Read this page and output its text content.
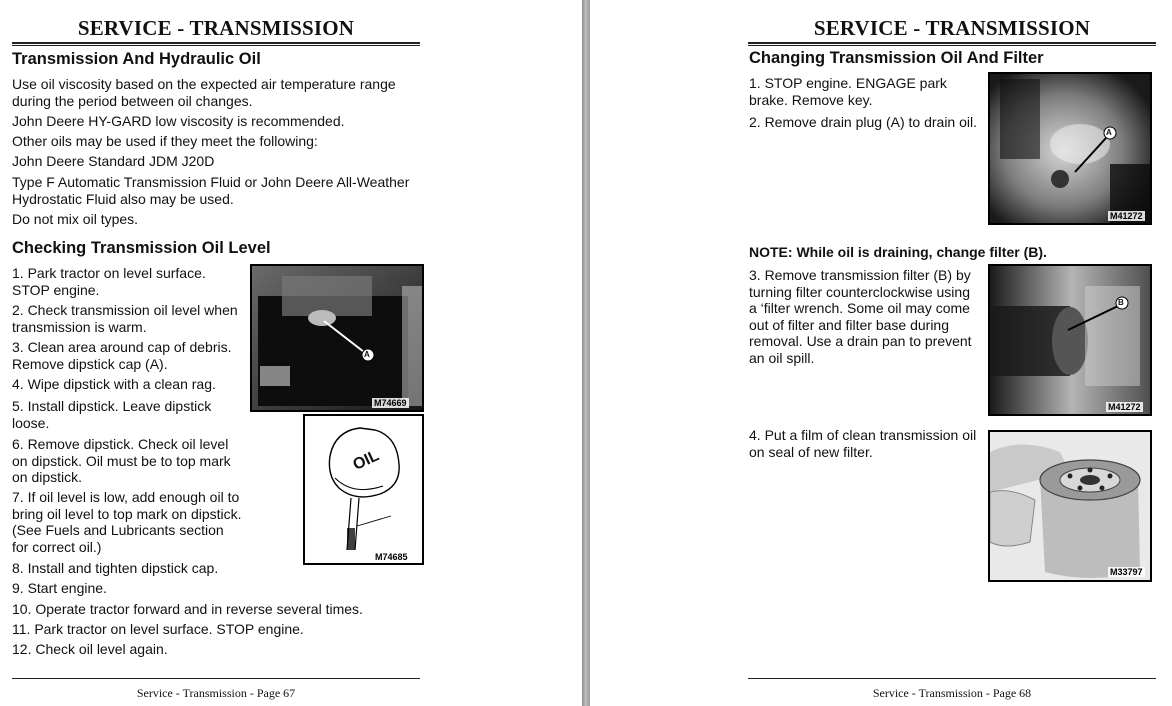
SERVICE - TRANSMISSION
Transmission And Hydraulic Oil
Use oil viscosity based on the expected air temperature range
during the period between oil changes.
John Deere HY-GARD low viscosity is recommended.
Other oils may be used if they meet the following:
John Deere Standard JDM J20D
Type F Automatic Transmission Fluid or John Deere All-Weather
Hydrostatic Fluid also may be used.
Do not mix oil types.
Checking Transmission Oil Level
1. Park tractor on level surface.
STOP engine.
2. Check transmission oil level when
transmission is warm.
3. Clean area around cap of debris.
Remove dipstick cap (A).
4. Wipe dipstick with a clean rag.
5. Install dipstick. Leave dipstick
loose.
6. Remove dipstick. Check oil level
on dipstick. Oil must be to top mark
on dipstick.
7. If oil level is low, add enough oil to
bring oil level to top mark on dipstick.
(See Fuels and Lubricants section
for correct oil.)
8. Install and tighten dipstick cap.
9. Start engine.
10. Operate tractor forward and in reverse several times.
11. Park tractor on level surface. STOP engine.
12. Check oil level again.
A
M74669
OIL
M74685
Service - Transmission - Page 67
SERVICE - TRANSMISSION
Changing Transmission Oil And Filter
1. STOP engine. ENGAGE park
brake. Remove key.
2. Remove drain plug (A) to drain oil.
NOTE: While oil is draining, change filter (B).
3. Remove transmission filter (B) by
turning filter counterclockwise using
a ‘filter wrench. Some oil may come
out of filter and filter base during
removal. Use a drain pan to prevent
an oil spill.
4. Put a film of clean transmission oil
on seal of new filter.
A
M41272
B
M41272
M33797
Service - Transmission - Page 68
